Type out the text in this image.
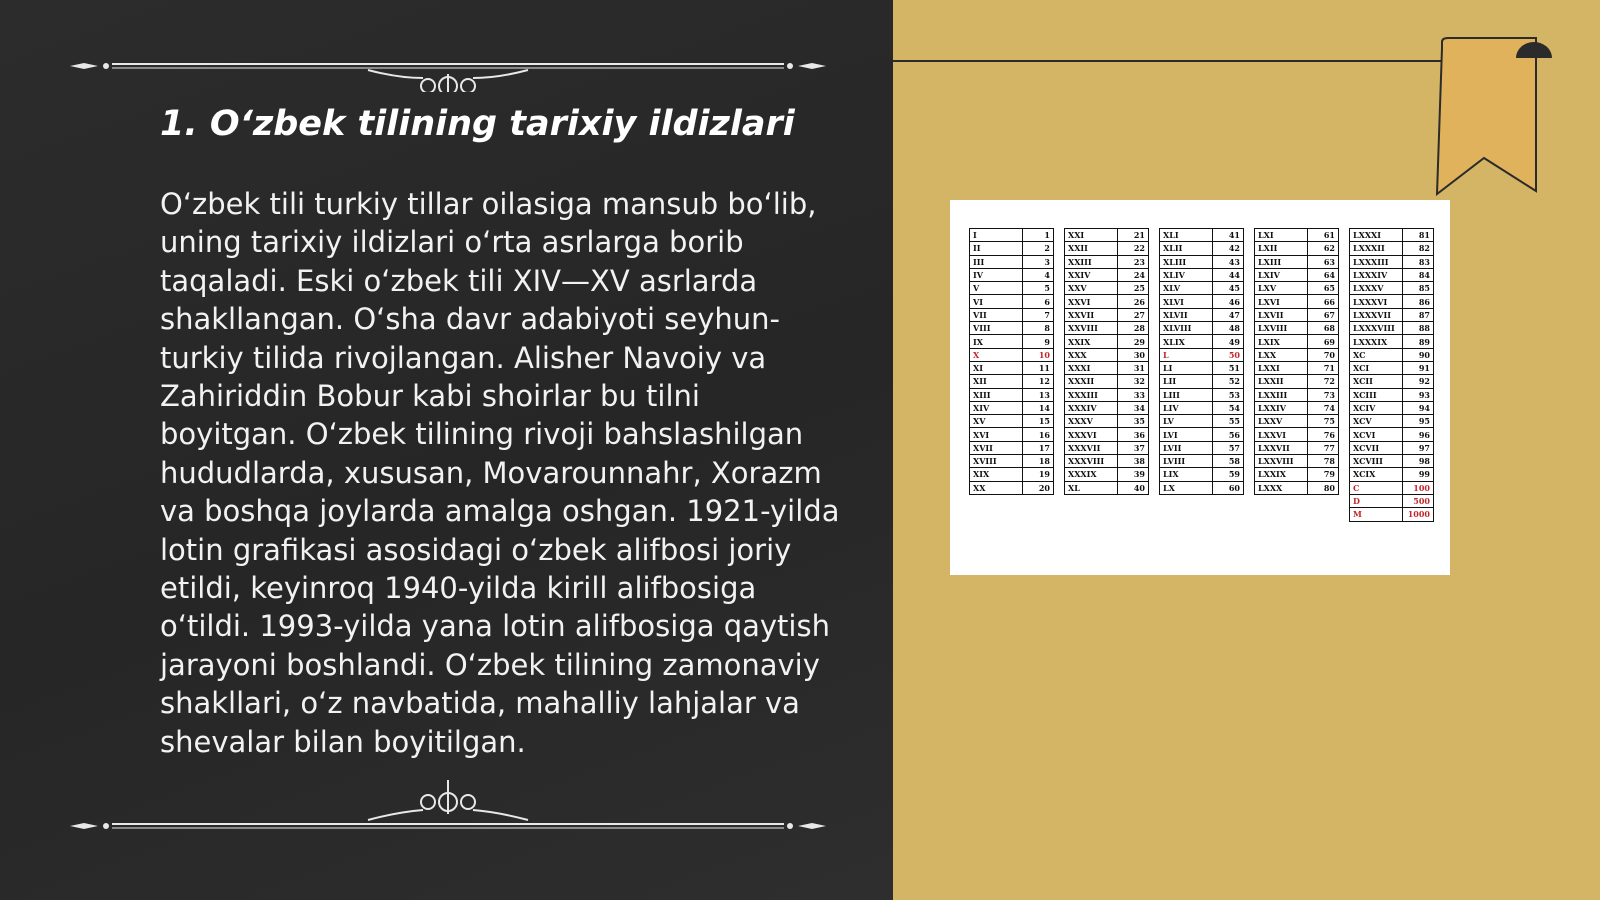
1. O‘zbek tilining tarixiy ildizlari

O‘zbek tili turkiy tillar oilasiga mansub bo‘lib, uning tarixiy ildizlari o‘rta asrlarga borib taqaladi. Eski o‘zbek tili XIV—XV asrlarda shakllangan. O‘sha davr adabiyoti seyhun-turkiy tilida rivojlangan. Alisher Navoiy va Zahiriddin Bobur kabi shoirlar bu tilni boyitgan. O‘zbek tilining rivoji bahslashilgan hududlarda, xususan, Movarounnahr, Xorazm va boshqa joylarda amalga oshgan. 1921-yilda lotin grafikasi asosidagi o‘zbek alifbosi joriy etildi, keyinroq 1940-yilda kirill alifbosiga o‘tildi. 1993-yilda yana lotin alifbosiga qaytish jarayoni boshlandi. O‘zbek tilining zamonaviy shakllari, o‘z navbatida, mahalliy lahjalar va shevalar bilan boyitilgan.

I	1
II	2
III	3
IV	4
V	5
VI	6
VII	7
VIII	8
IX	9
X	10
XI	11
XII	12
XIII	13
XIV	14
XV	15
XVI	16
XVII	17
XVIII	18
XIX	19
XX	20
XXI	21
XXII	22
XXIII	23
XXIV	24
XXV	25
XXVI	26
XXVII	27
XXVIII	28
XXIX	29
XXX	30
XXXI	31
XXXII	32
XXXIII	33
XXXIV	34
XXXV	35
XXXVI	36
XXXVII	37
XXXVIII	38
XXXIX	39
XL	40
XLI	41
XLII	42
XLIII	43
XLIV	44
XLV	45
XLVI	46
XLVII	47
XLVIII	48
XLIX	49
L	50
LI	51
LII	52
LIII	53
LIV	54
LV	55
LVI	56
LVII	57
LVIII	58
LIX	59
LX	60
LXI	61
LXII	62
LXIII	63
LXIV	64
LXV	65
LXVI	66
LXVII	67
LXVIII	68
LXIX	69
LXX	70
LXXI	71
LXXII	72
LXXIII	73
LXXIV	74
LXXV	75
LXXVI	76
LXXVII	77
LXXVIII	78
LXXIX	79
LXXX	80
LXXXI	81
LXXXII	82
LXXXIII	83
LXXXIV	84
LXXXV	85
LXXXVI	86
LXXXVII	87
LXXXVIII	88
LXXXIX	89
XC	90
XCI	91
XCII	92
XCIII	93
XCIV	94
XCV	95
XCVI	96
XCVII	97
XCVIII	98
XCIX	99
C	100
D	500
M	1000
